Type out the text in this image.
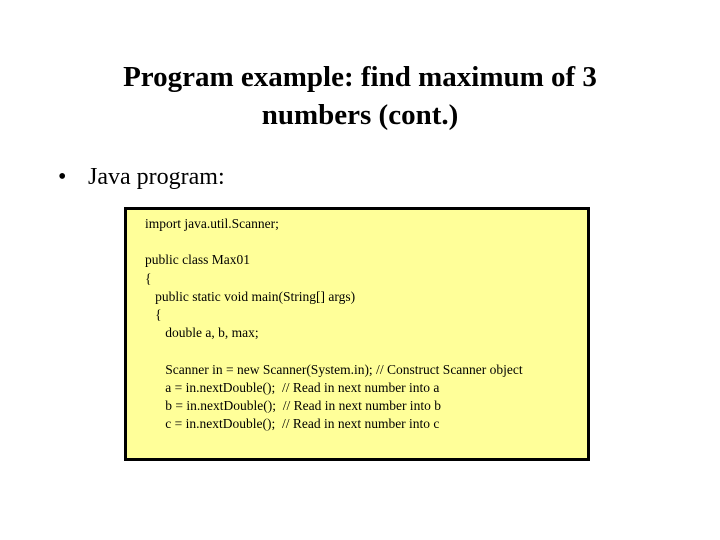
Program example: find maximum of 3
numbers (cont.)
• Java program:
import java.util.Scanner;
public class Max01
{
public static void main(String[] args)
{
double a, b, max;
Scanner in = new Scanner(System.in); // Construct Scanner object
a = in.nextDouble();  // Read in next number into a
b = in.nextDouble();  // Read in next number into b
c = in.nextDouble();  // Read in next number into c
